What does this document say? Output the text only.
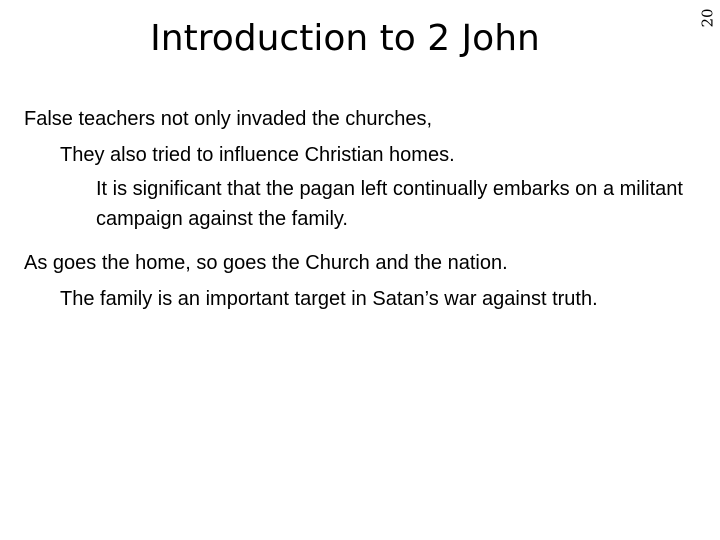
Introduction to 2 John	20
False teachers not only invaded the churches,
They also tried to influence Christian homes.
It is significant that the pagan left continually embarks on a militant campaign against the family.
As goes the home, so goes the Church and the nation.
The family is an important target in Satan’s war against truth.
